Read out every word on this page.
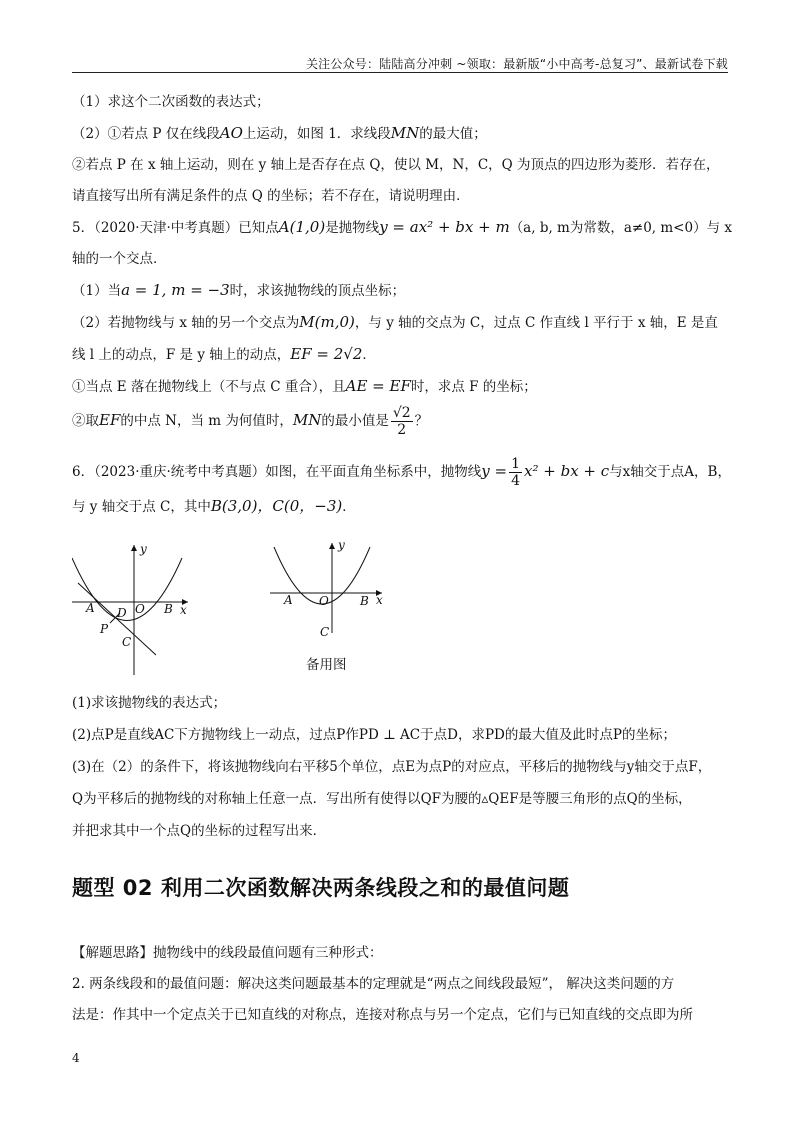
关注公众号：陆陆高分冲刺 ~领取：最新版“小中高考-总复习”、最新试卷下载

（1）求这个二次函数的表达式；

（2）①若点 P 仅在线段AO上运动，如图 1．求线段MN的最大值；

②若点 P 在 x 轴上运动，则在 y 轴上是否存在点 Q，使以 M，N，C，Q 为顶点的四边形为菱形．若存在，

请直接写出所有满足条件的点 Q 的坐标；若不存在，请说明理由．

5．（2020·天津·中考真题）已知点A(1,0)是抛物线y = ax² + bx + m（a, b, m为常数，a≠0, m<0）与 x

轴的一个交点．

（1）当a = 1, m = −3时，求该抛物线的顶点坐标；

（2）若抛物线与 x 轴的另一个交点为M(m,0)，与 y 轴的交点为 C，过点 C 作直线 l 平行于 x 轴，E 是直

线 l 上的动点，F 是 y 轴上的动点，EF = 2√2．

①当点 E 落在抛物线上（不与点 C 重合），且AE = EF时，求点 F 的坐标；

②取EF的中点 N，当 m 为何值时，MN的最小值是 $\frac{√2}{2}$ ？

6．（2023·重庆·统考中考真题）如图，在平面直角坐标系中，抛物线$y = \frac{1}{4} x^2$ + bx + c与x轴交于点A，B，

与 y 轴交于点 C，其中B(3,0)，C(0，−3)．

y
x
A D O B
P
C
y
x
A O	B
C
备用图

(1)求该抛物线的表达式；

(2)点P是直线AC下方抛物线上一动点，过点P作PD ⊥ AC于点D，求PD的最大值及此时点P的坐标；

(3)在（2）的条件下，将该抛物线向右平移5个单位，点E为点P的对应点，平移后的抛物线与y轴交于点F，

Q为平移后的抛物线的对称轴上任意一点．写出所有使得以QF为腰的▵QEF是等腰三角形的点Q的坐标，

并把求其中一个点Q的坐标的过程写出来．

题型 02 利用二次函数解决两条线段之和的最值问题

【解题思路】抛物线中的线段最值问题有三种形式：

2. 两条线段和的最值问题：解决这类问题最基本的定理就是“两点之间线段最短”， 解决这类问题的方

法是：作其中一个定点关于已知直线的对称点，连接对称点与另一个定点，它们与已知直线的交点即为所

4
